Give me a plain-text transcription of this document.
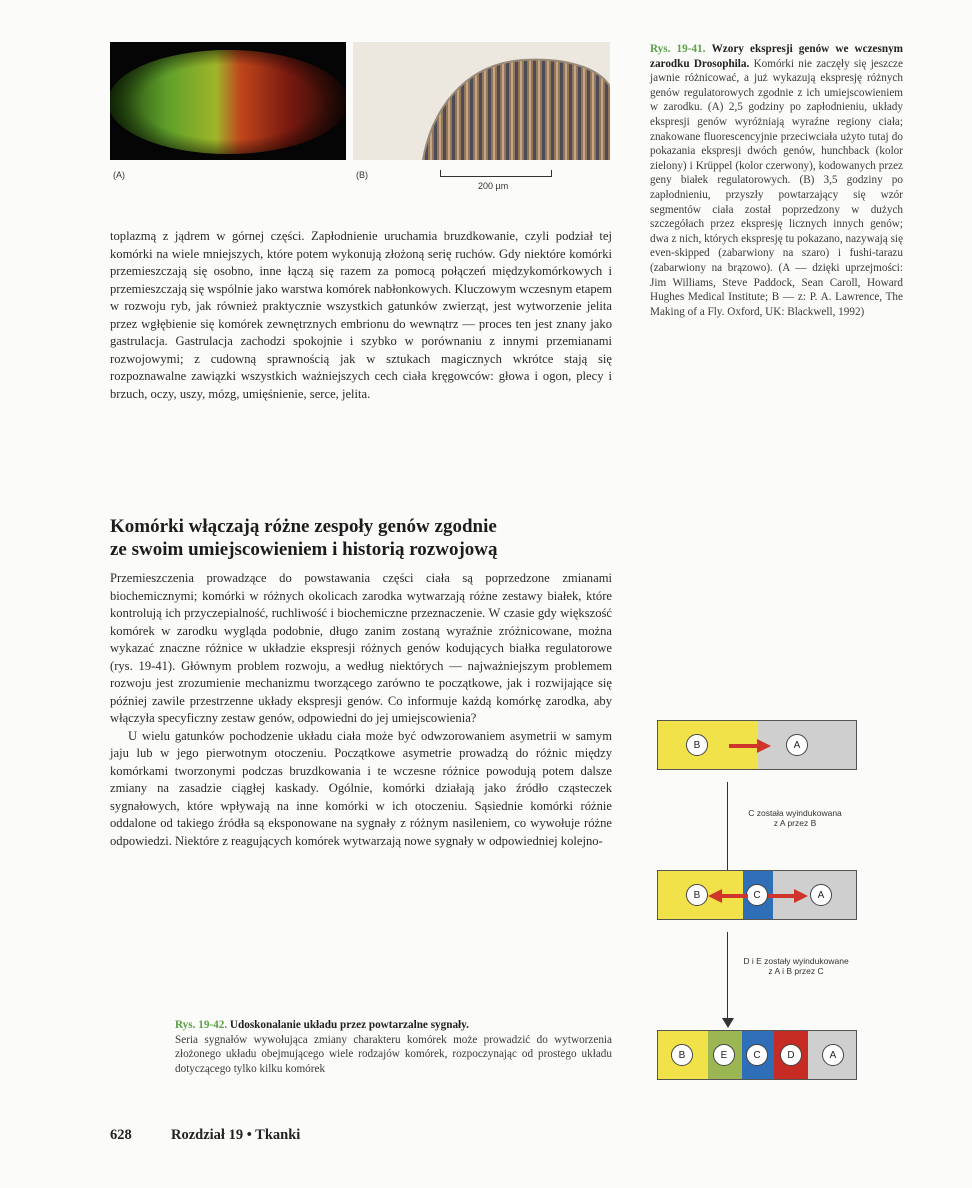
(A)	(B)
200 µm
Rys. 19-41. Wzory ekspresji genów we wczesnym zarodku Drosophila. Komórki nie zaczęły się jeszcze jawnie różnicować, a już wykazują ekspresję różnych genów regulatorowych zgodnie z ich umiejscowieniem w zarodku. (A) 2,5 godziny po zapłodnieniu, układy ekspresji genów wyróżniają wyraźne regiony ciała; znakowane fluorescencyjnie przeciwciała użyto tutaj do pokazania ekspresji dwóch genów, hunchback (kolor zielony) i Krüppel (kolor czerwony), kodowanych przez geny białek regulatorowych. (B) 3,5 godziny po zapłodnieniu, przyszły powtarzający się wzór segmentów ciała został poprzedzony w dużych szczegółach przez ekspresję licznych innych genów; dwa z nich, których ekspresję tu pokazano, nazywają się even-skipped (zabarwiony na szaro) i fushi-tarazu (zabarwiony na brązowo). (A — dzięki uprzejmości: Jim Williams, Steve Paddock, Sean Caroll, Howard Hughes Medical Institute; B — z: P. A. Lawrence, The Making of a Fly. Oxford, UK: Blackwell, 1992)

toplazmą z jądrem w górnej części. Zapłodnienie uruchamia bruzdkowanie, czyli podział tej komórki na wiele mniejszych, które potem wykonują złożoną serię ruchów. Gdy niektóre komórki przemieszczają się osobno, inne łączą się razem za pomocą połączeń międzykomórkowych i przemieszczają się wspólnie jako warstwa komórek nabłonkowych. Kluczowym wczesnym etapem w rozwoju ryb, jak również praktycznie wszystkich gatunków zwierząt, jest wytworzenie jelita przez wgłębienie się komórek zewnętrznych embrionu do wewnątrz — proces ten jest znany jako gastrulacja. Gastrulacja zachodzi spokojnie i szybko w porównaniu z innymi przemianami rozwojowymi; z cudowną sprawnością jak w sztukach magicznych wkrótce stają się rozpoznawalne zawiązki wszystkich ważniejszych cech ciała kręgowców: głowa i ogon, plecy i brzuch, oczy, uszy, mózg, umięśnienie, serce, jelita.

Komórki włączają różne zespoły genów zgodnie
ze swoim umiejscowieniem i historią rozwojową

Przemieszczenia prowadzące do powstawania części ciała są poprzedzone zmianami biochemicznymi; komórki w różnych okolicach zarodka wytwarzają różne zestawy białek, które kontrolują ich przyczepialność, ruchliwość i biochemiczne przeznaczenie. W czasie gdy większość komórek w zarodku wygląda podobnie, długo zanim zostaną wyraźnie zróżnicowane, można wykazać znaczne różnice w układzie ekspresji różnych genów kodujących białka regulatorowe (rys. 19-41). Głównym problem rozwoju, a według niektórych — najważniejszym problemem rozwoju jest zrozumienie mechanizmu tworzącego zarówno te początkowe, jak i rozwijające się później zawile przestrzenne układy ekspresji genów. Co informuje każdą komórkę zarodka, aby włączyła specyficzny zestaw genów, odpowiedni do jej umiejscowienia?

U wielu gatunków pochodzenie układu ciała może być odwzorowaniem asymetrii w samym jaju lub w jego pierwotnym otoczeniu. Początkowe asymetrie prowadzą do różnic między komórkami tworzonymi podczas bruzdkowania i te wczesne różnice powodują potem dalsze zmiany na zasadzie ciągłej kaskady. Ogólnie, komórki działają jako źródło cząsteczek sygnałowych, które wpływają na inne komórki w ich otoczeniu. Sąsiednie komórki różnie oddalone od takiego źródła są eksponowane na sygnały z różnym nasileniem, co wywołuje różne odpowiedzi. Niektóre z reagujących komórek wytwarzają nowe sygnały w odpowiedniej kolejno-

Rys. 19-42. Udoskonalanie układu przez powtarzalne sygnały.
Seria sygnałów wywołująca zmiany charakteru komórek może prowadzić do wytworzenia złożonego układu obejmującego wiele rodzajów komórek, rozpoczynając od prostego układu dotyczącego tylko kilku komórek
B	A
C została wyindukowana
z A przez B
B	C	A
D i E zostały wyindukowane
z A i B przez C
B	E	C	D	A
628	Rozdział 19 • Tkanki
